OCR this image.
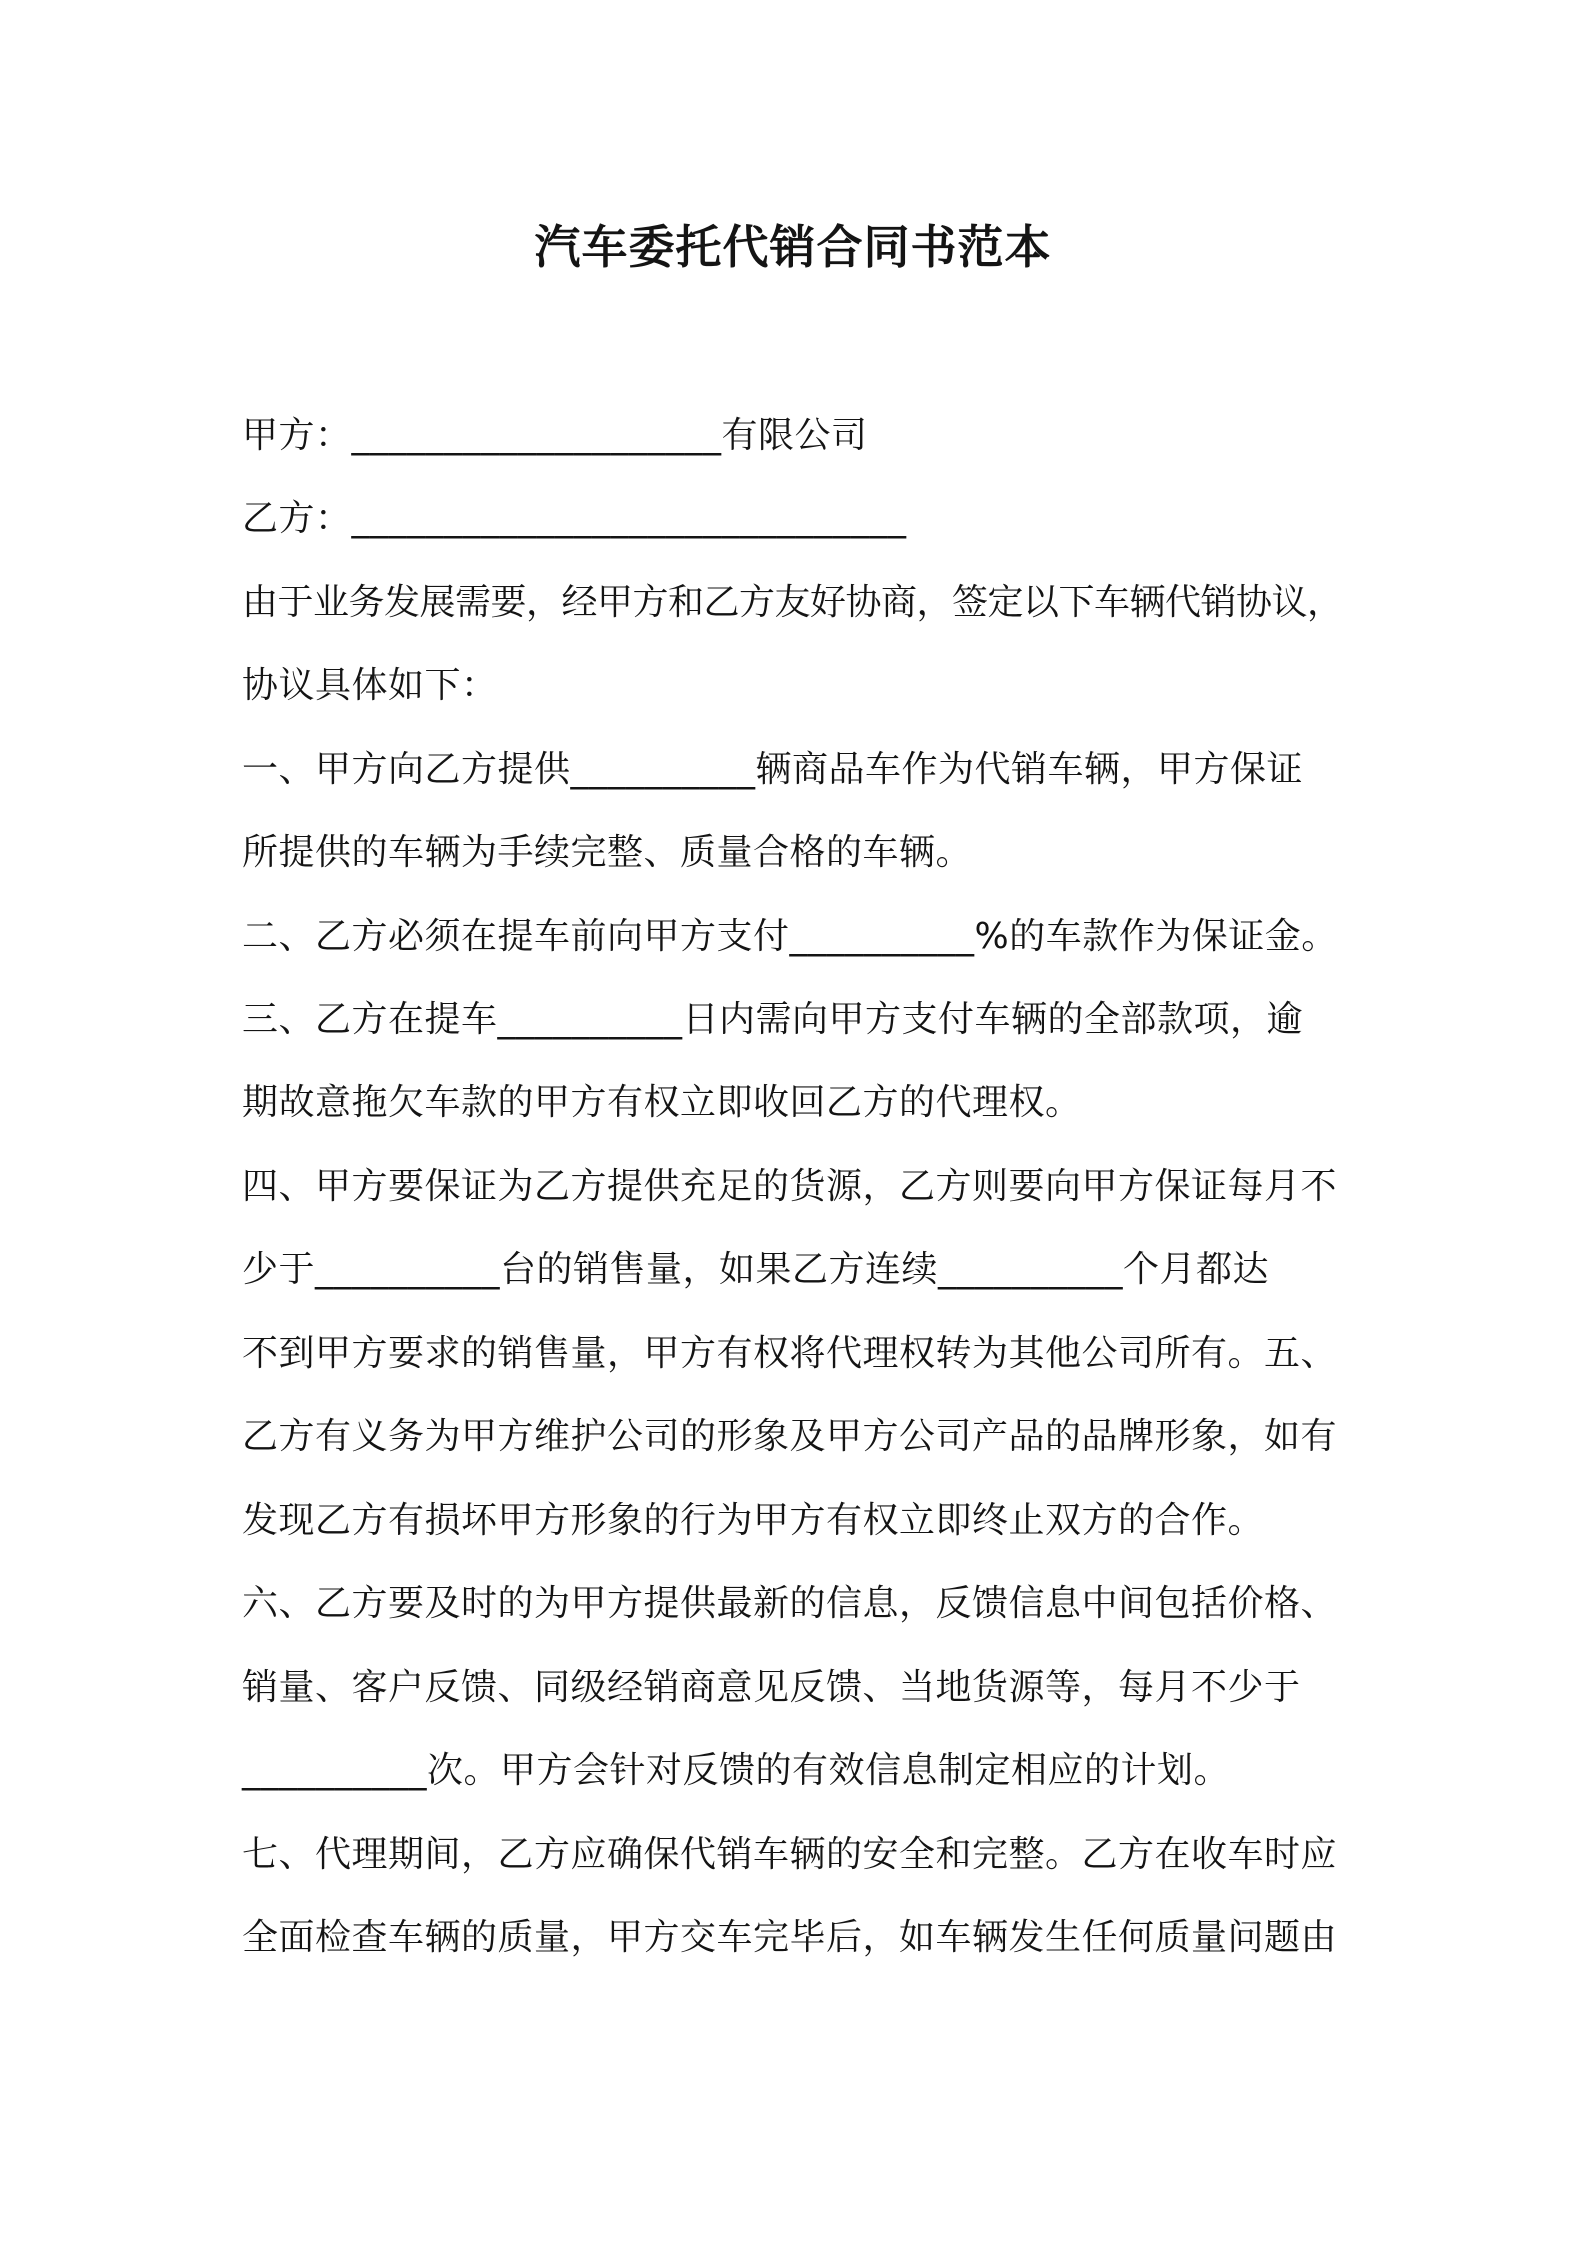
汽车委托代销合同书范本
甲方：____________________有限公司
乙方：______________________________
由于业务发展需要，经甲方和乙方友好协商，签定以下车辆代销协议，
协议具体如下：
一、甲方向乙方提供__________辆商品车作为代销车辆，甲方保证
所提供的车辆为手续完整、质量合格的车辆。
二、乙方必须在提车前向甲方支付__________%的车款作为保证金。
三、乙方在提车__________日内需向甲方支付车辆的全部款项，逾
期故意拖欠车款的甲方有权立即收回乙方的代理权。
四、甲方要保证为乙方提供充足的货源，乙方则要向甲方保证每月不
少于__________台的销售量，如果乙方连续__________个月都达
不到甲方要求的销售量，甲方有权将代理权转为其他公司所有。五、
乙方有义务为甲方维护公司的形象及甲方公司产品的品牌形象，如有
发现乙方有损坏甲方形象的行为甲方有权立即终止双方的合作。
六、乙方要及时的为甲方提供最新的信息，反馈信息中间包括价格、
销量、客户反馈、同级经销商意见反馈、当地货源等，每月不少于
__________次。甲方会针对反馈的有效信息制定相应的计划。
七、代理期间，乙方应确保代销车辆的安全和完整。乙方在收车时应
全面检查车辆的质量，甲方交车完毕后，如车辆发生任何质量问题由
